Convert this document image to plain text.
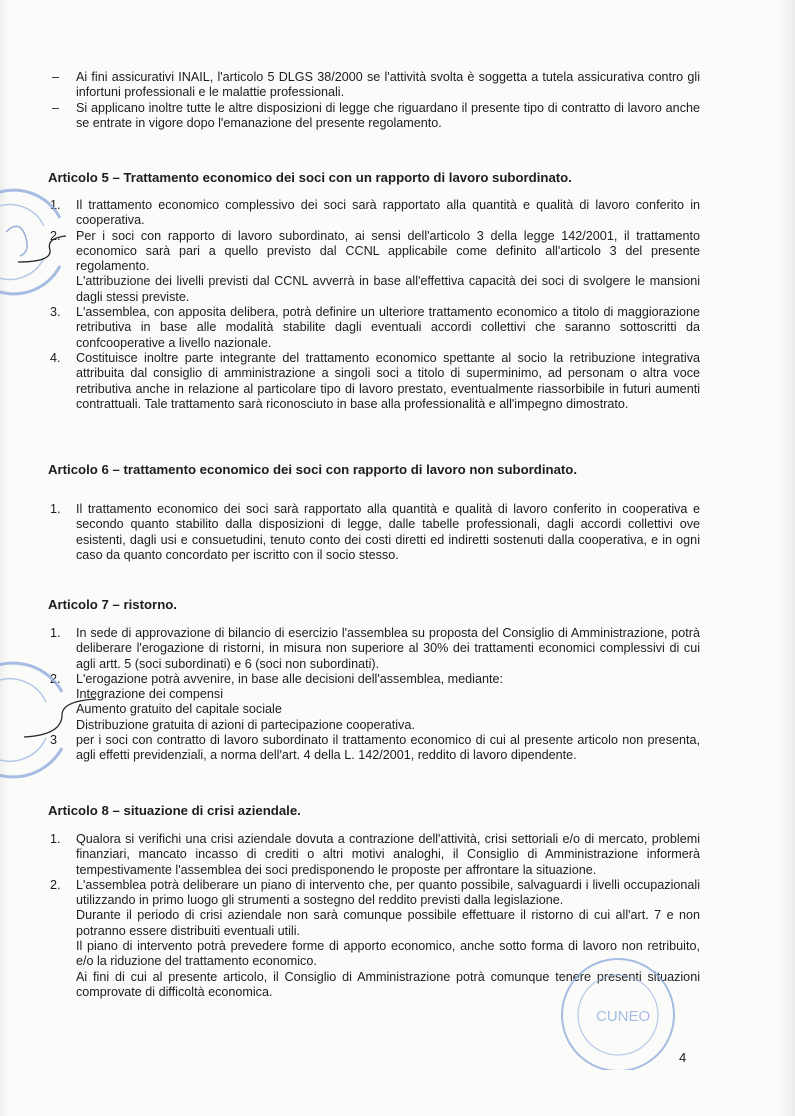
– Ai fini assicurativi INAIL, l'articolo 5 DLGS 38/2000 se l'attività svolta è soggetta a tutela assicurativa contro gli infortuni professionali e le malattie professionali.
– Si applicano inoltre tutte le altre disposizioni di legge che riguardano il presente tipo di contratto di lavoro anche se entrate in vigore dopo l'emanazione del presente regolamento.
Articolo 5 – Trattamento economico dei soci con un rapporto di lavoro subordinato.
1. Il trattamento economico complessivo dei soci sarà rapportato alla quantità e qualità di lavoro conferito in cooperativa.
2. Per i soci con rapporto di lavoro subordinato, ai sensi dell'articolo 3 della legge 142/2001, il trattamento economico sarà pari a quello previsto dal CCNL applicabile come definito all'articolo 3 del presente regolamento.
L'attribuzione dei livelli previsti dal CCNL avverrà in base all'effettiva capacità dei soci di svolgere le mansioni dagli stessi previste.
3. L'assemblea, con apposita delibera, potrà definire un ulteriore trattamento economico a titolo di maggiorazione retributiva in base alle modalità stabilite dagli eventuali accordi collettivi che saranno sottoscritti da confcooperative a livello nazionale.
4. Costituisce inoltre parte integrante del trattamento economico spettante al socio la retribuzione integrativa attribuita dal consiglio di amministrazione a singoli soci a titolo di superminimo, ad personam o altra voce retributiva anche in relazione al particolare tipo di lavoro prestato, eventualmente riassorbibile in futuri aumenti contrattuali. Tale trattamento sarà riconosciuto in base alla professionalità e all'impegno dimostrato.
Articolo 6 – trattamento economico dei soci con rapporto di lavoro non subordinato.
1. Il trattamento economico dei soci sarà rapportato alla quantità e qualità di lavoro conferito in cooperativa e secondo quanto stabilito dalla disposizioni di legge, dalle tabelle professionali, dagli accordi collettivi ove esistenti, dagli usi e consuetudini, tenuto conto dei costi diretti ed indiretti sostenuti dalla cooperativa, e in ogni caso da quanto concordato per iscritto con il socio stesso.
Articolo 7 – ristorno.
1. In sede di approvazione di bilancio di esercizio l'assemblea su proposta del Consiglio di Amministrazione, potrà deliberare l'erogazione di ristorni, in misura non superiore al 30% dei trattamenti economici complessivi di cui agli artt. 5 (soci subordinati) e 6 (soci non subordinati).
2. L'erogazione potrà avvenire, in base alle decisioni dell'assemblea, mediante:
Integrazione dei compensi
Aumento gratuito del capitale sociale
Distribuzione gratuita di azioni di partecipazione cooperativa.
3 per i soci con contratto di lavoro subordinato il trattamento economico di cui al presente articolo non presenta, agli effetti previdenziali, a norma dell'art. 4 della L. 142/2001, reddito di lavoro dipendente.
Articolo 8 – situazione di crisi aziendale.
1. Qualora si verifichi una crisi aziendale dovuta a contrazione dell'attività, crisi settoriali e/o di mercato, problemi finanziari, mancato incasso di crediti o altri motivi analoghi, il Consiglio di Amministrazione informerà tempestivamente l'assemblea dei soci predisponendo le proposte per affrontare la situazione.
2. L'assemblea potrà deliberare un piano di intervento che, per quanto possibile, salvaguardi i livelli occupazionali utilizzando in primo luogo gli strumenti a sostegno del reddito previsti dalla legislazione.
Durante il periodo di crisi aziendale non sarà comunque possibile effettuare il ristorno di cui all'art. 7 e non potranno essere distribuiti eventuali utili.
Il piano di intervento potrà prevedere forme di apporto economico, anche sotto forma di lavoro non retribuito, e/o la riduzione del trattamento economico.
Ai fini di cui al presente articolo, il Consiglio di Amministrazione potrà comunque tenere presenti situazioni comprovate di difficoltà economica.
4
CUNEO
